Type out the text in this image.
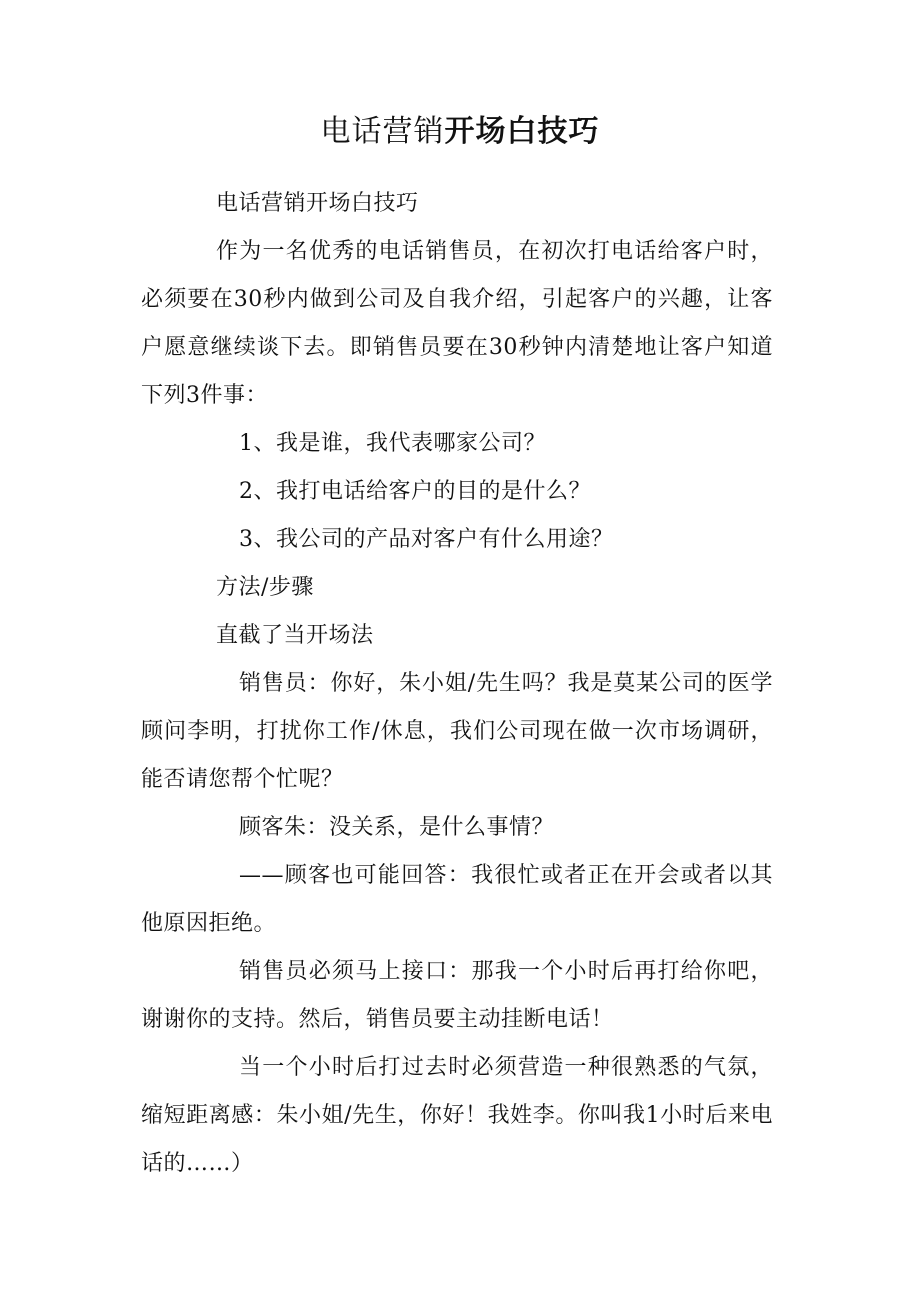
电话营销开场白技巧

电话营销开场白技巧

作为一名优秀的电话销售员，在初次打电话给客户时，必须要在30秒内做到公司及自我介绍，引起客户的兴趣，让客户愿意继续谈下去。即销售员要在30秒钟内清楚地让客户知道下列3件事：

1、我是谁，我代表哪家公司？

2、我打电话给客户的目的是什么？

3、我公司的产品对客户有什么用途？

方法/步骤

直截了当开场法

销售员：你好，朱小姐/先生吗？我是莫某公司的医学顾问李明，打扰你工作/休息，我们公司现在做一次市场调研，能否请您帮个忙呢？

顾客朱：没关系，是什么事情？

——顾客也可能回答：我很忙或者正在开会或者以其他原因拒绝。

销售员必须马上接口：那我一个小时后再打给你吧，谢谢你的支持。然后，销售员要主动挂断电话！

当一个小时后打过去时必须营造一种很熟悉的气氛，缩短距离感：朱小姐/先生，你好！我姓李。你叫我1小时后来电话的……）
